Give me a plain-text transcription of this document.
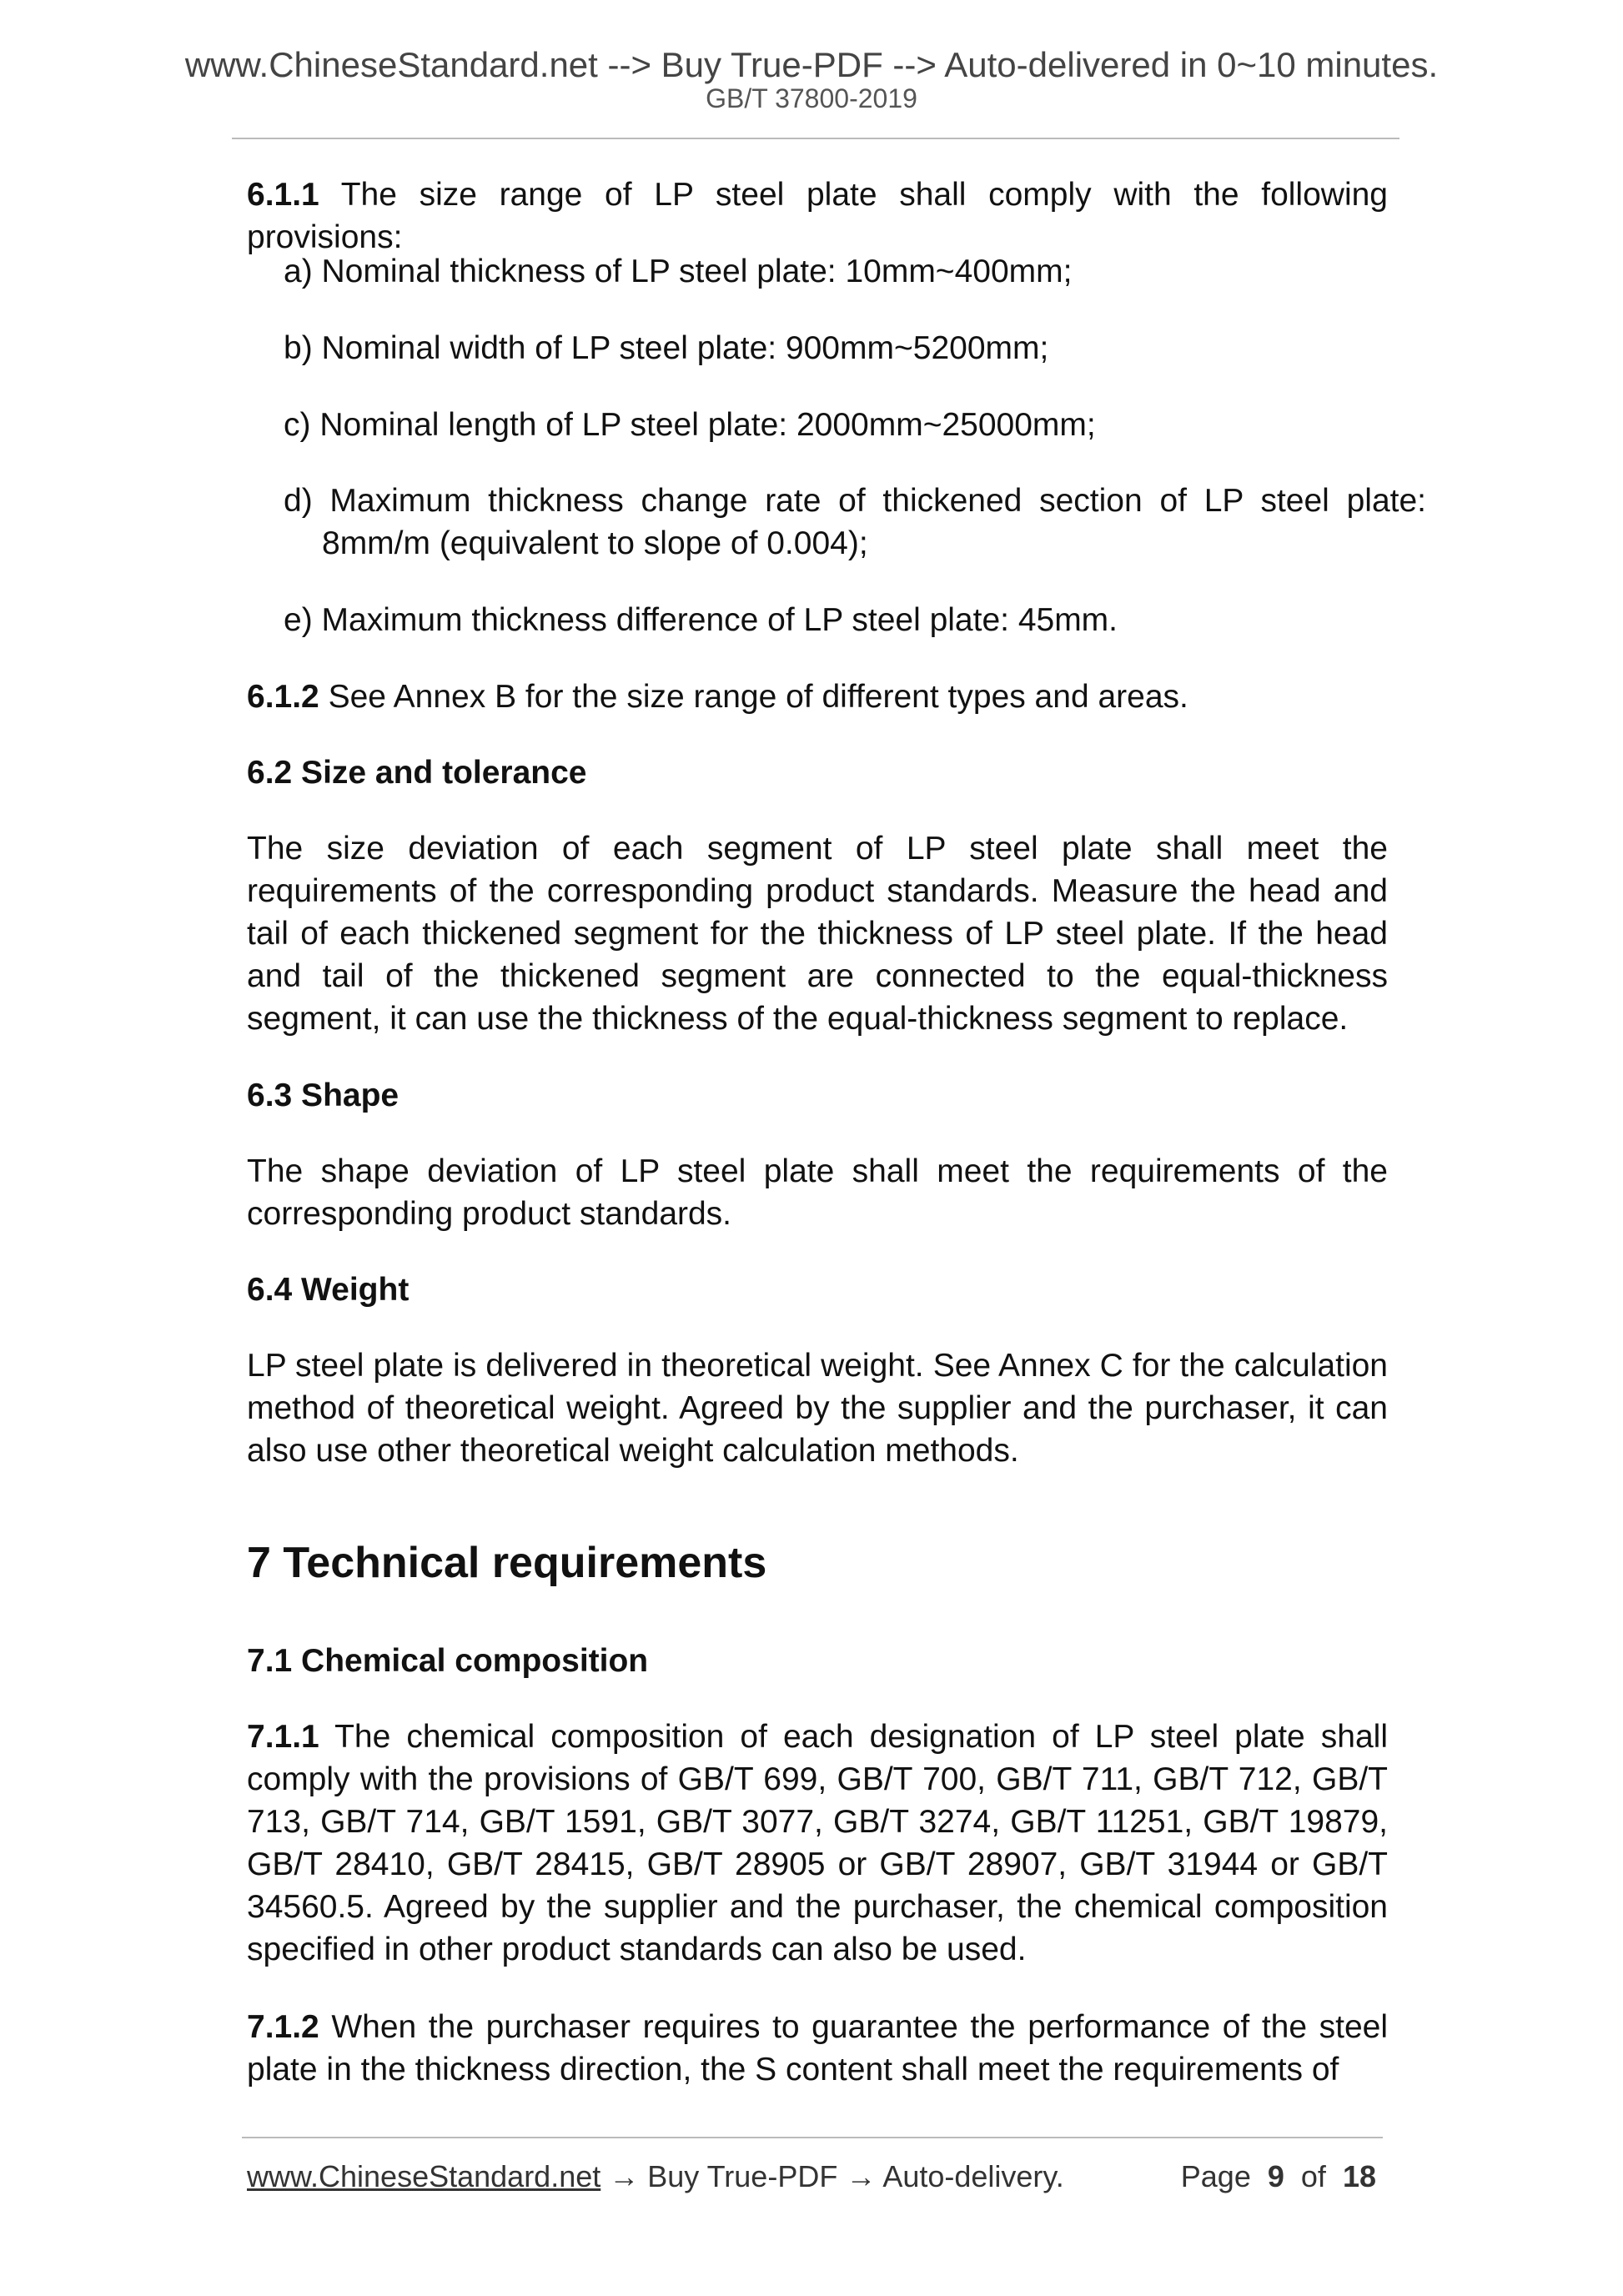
www.ChineseStandard.net --> Buy True-PDF --> Auto-delivered in 0~10 minutes.
GB/T 37800-2019
6.1.1 The size range of LP steel plate shall comply with the following provisions:
a) Nominal thickness of LP steel plate: 10mm~400mm;
b) Nominal width of LP steel plate: 900mm~5200mm;
c) Nominal length of LP steel plate: 2000mm~25000mm;
d) Maximum thickness change rate of thickened section of LP steel plate: 8mm/m (equivalent to slope of 0.004);
e) Maximum thickness difference of LP steel plate: 45mm.
6.1.2 See Annex B for the size range of different types and areas.
6.2 Size and tolerance
The size deviation of each segment of LP steel plate shall meet the requirements of the corresponding product standards. Measure the head and tail of each thickened segment for the thickness of LP steel plate. If the head and tail of the thickened segment are connected to the equal-thickness segment, it can use the thickness of the equal-thickness segment to replace.
6.3 Shape
The shape deviation of LP steel plate shall meet the requirements of the corresponding product standards.
6.4 Weight
LP steel plate is delivered in theoretical weight. See Annex C for the calculation method of theoretical weight. Agreed by the supplier and the purchaser, it can also use other theoretical weight calculation methods.
7 Technical requirements
7.1 Chemical composition
7.1.1 The chemical composition of each designation of LP steel plate shall comply with the provisions of GB/T 699, GB/T 700, GB/T 711, GB/T 712, GB/T 713, GB/T 714, GB/T 1591, GB/T 3077, GB/T 3274, GB/T 11251, GB/T 19879, GB/T 28410, GB/T 28415, GB/T 28905 or GB/T 28907, GB/T 31944 or GB/T 34560.5. Agreed by the supplier and the purchaser, the chemical composition specified in other product standards can also be used.
7.1.2 When the purchaser requires to guarantee the performance of the steel plate in the thickness direction, the S content shall meet the requirements of
www.ChineseStandard.net → Buy True-PDF → Auto-delivery.	Page 9 of 18
